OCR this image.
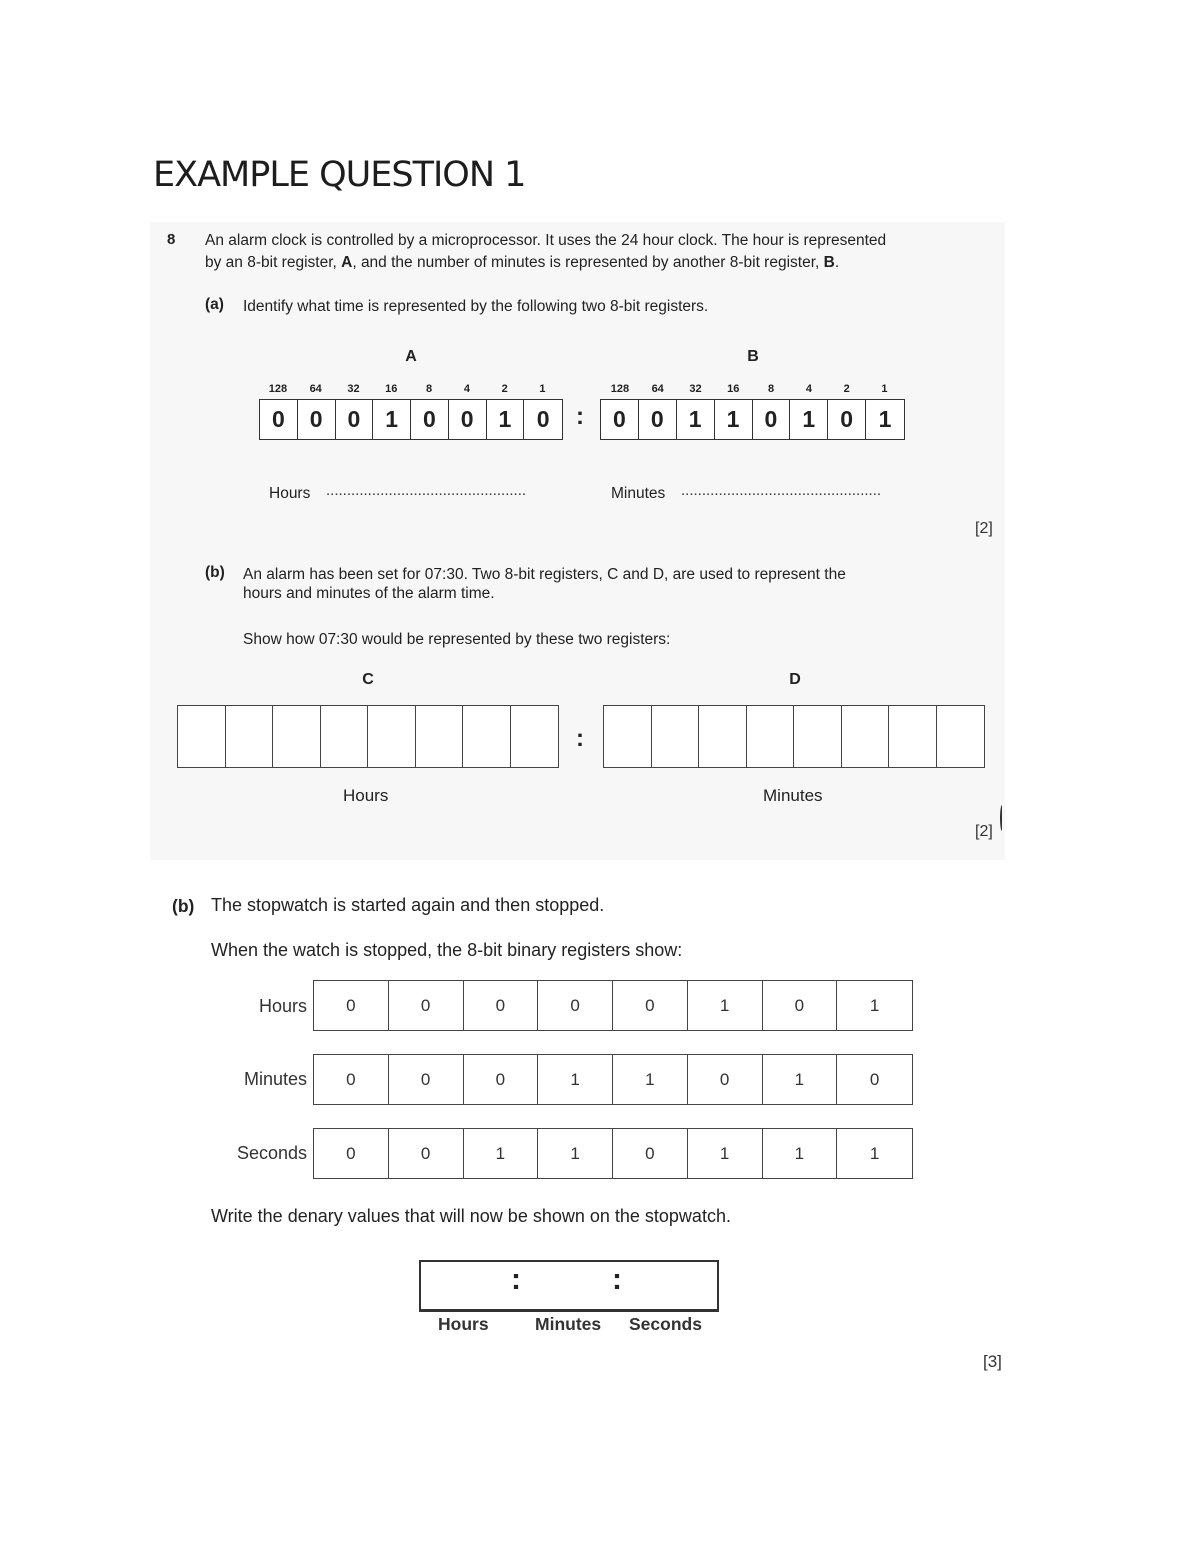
EXAMPLE QUESTION 1
8 An alarm clock is controlled by a microprocessor. It uses the 24 hour clock. The hour is represented
by an 8-bit register, A, and the number of minutes is represented by another 8-bit register, B.
(a) Identify what time is represented by the following two 8-bit registers.
A	B
128	64	32	16	8	4	2	1	128	64	32	16	8	4	2	1
0	0	0	1	0	0	1	0	:	0	0	1	1	0	1	0	1
Hours ................................................	Minutes ................................................
[2]
(b) An alarm has been set for 07:30. Two 8-bit registers, C and D, are used to represent the
hours and minutes of the alarm time.
Show how 07:30 would be represented by these two registers:
C	D
:
Hours	Minutes
[2]
(b) The stopwatch is started again and then stopped.
When the watch is stopped, the 8-bit binary registers show:
Hours	0	0	0	0	0	1	0	1
Minutes	0	0	0	1	1	0	1	0
Seconds	0	0	1	1	0	1	1	1
Write the denary values that will now be shown on the stopwatch.
:	:
Hours	Minutes Seconds
[3]
